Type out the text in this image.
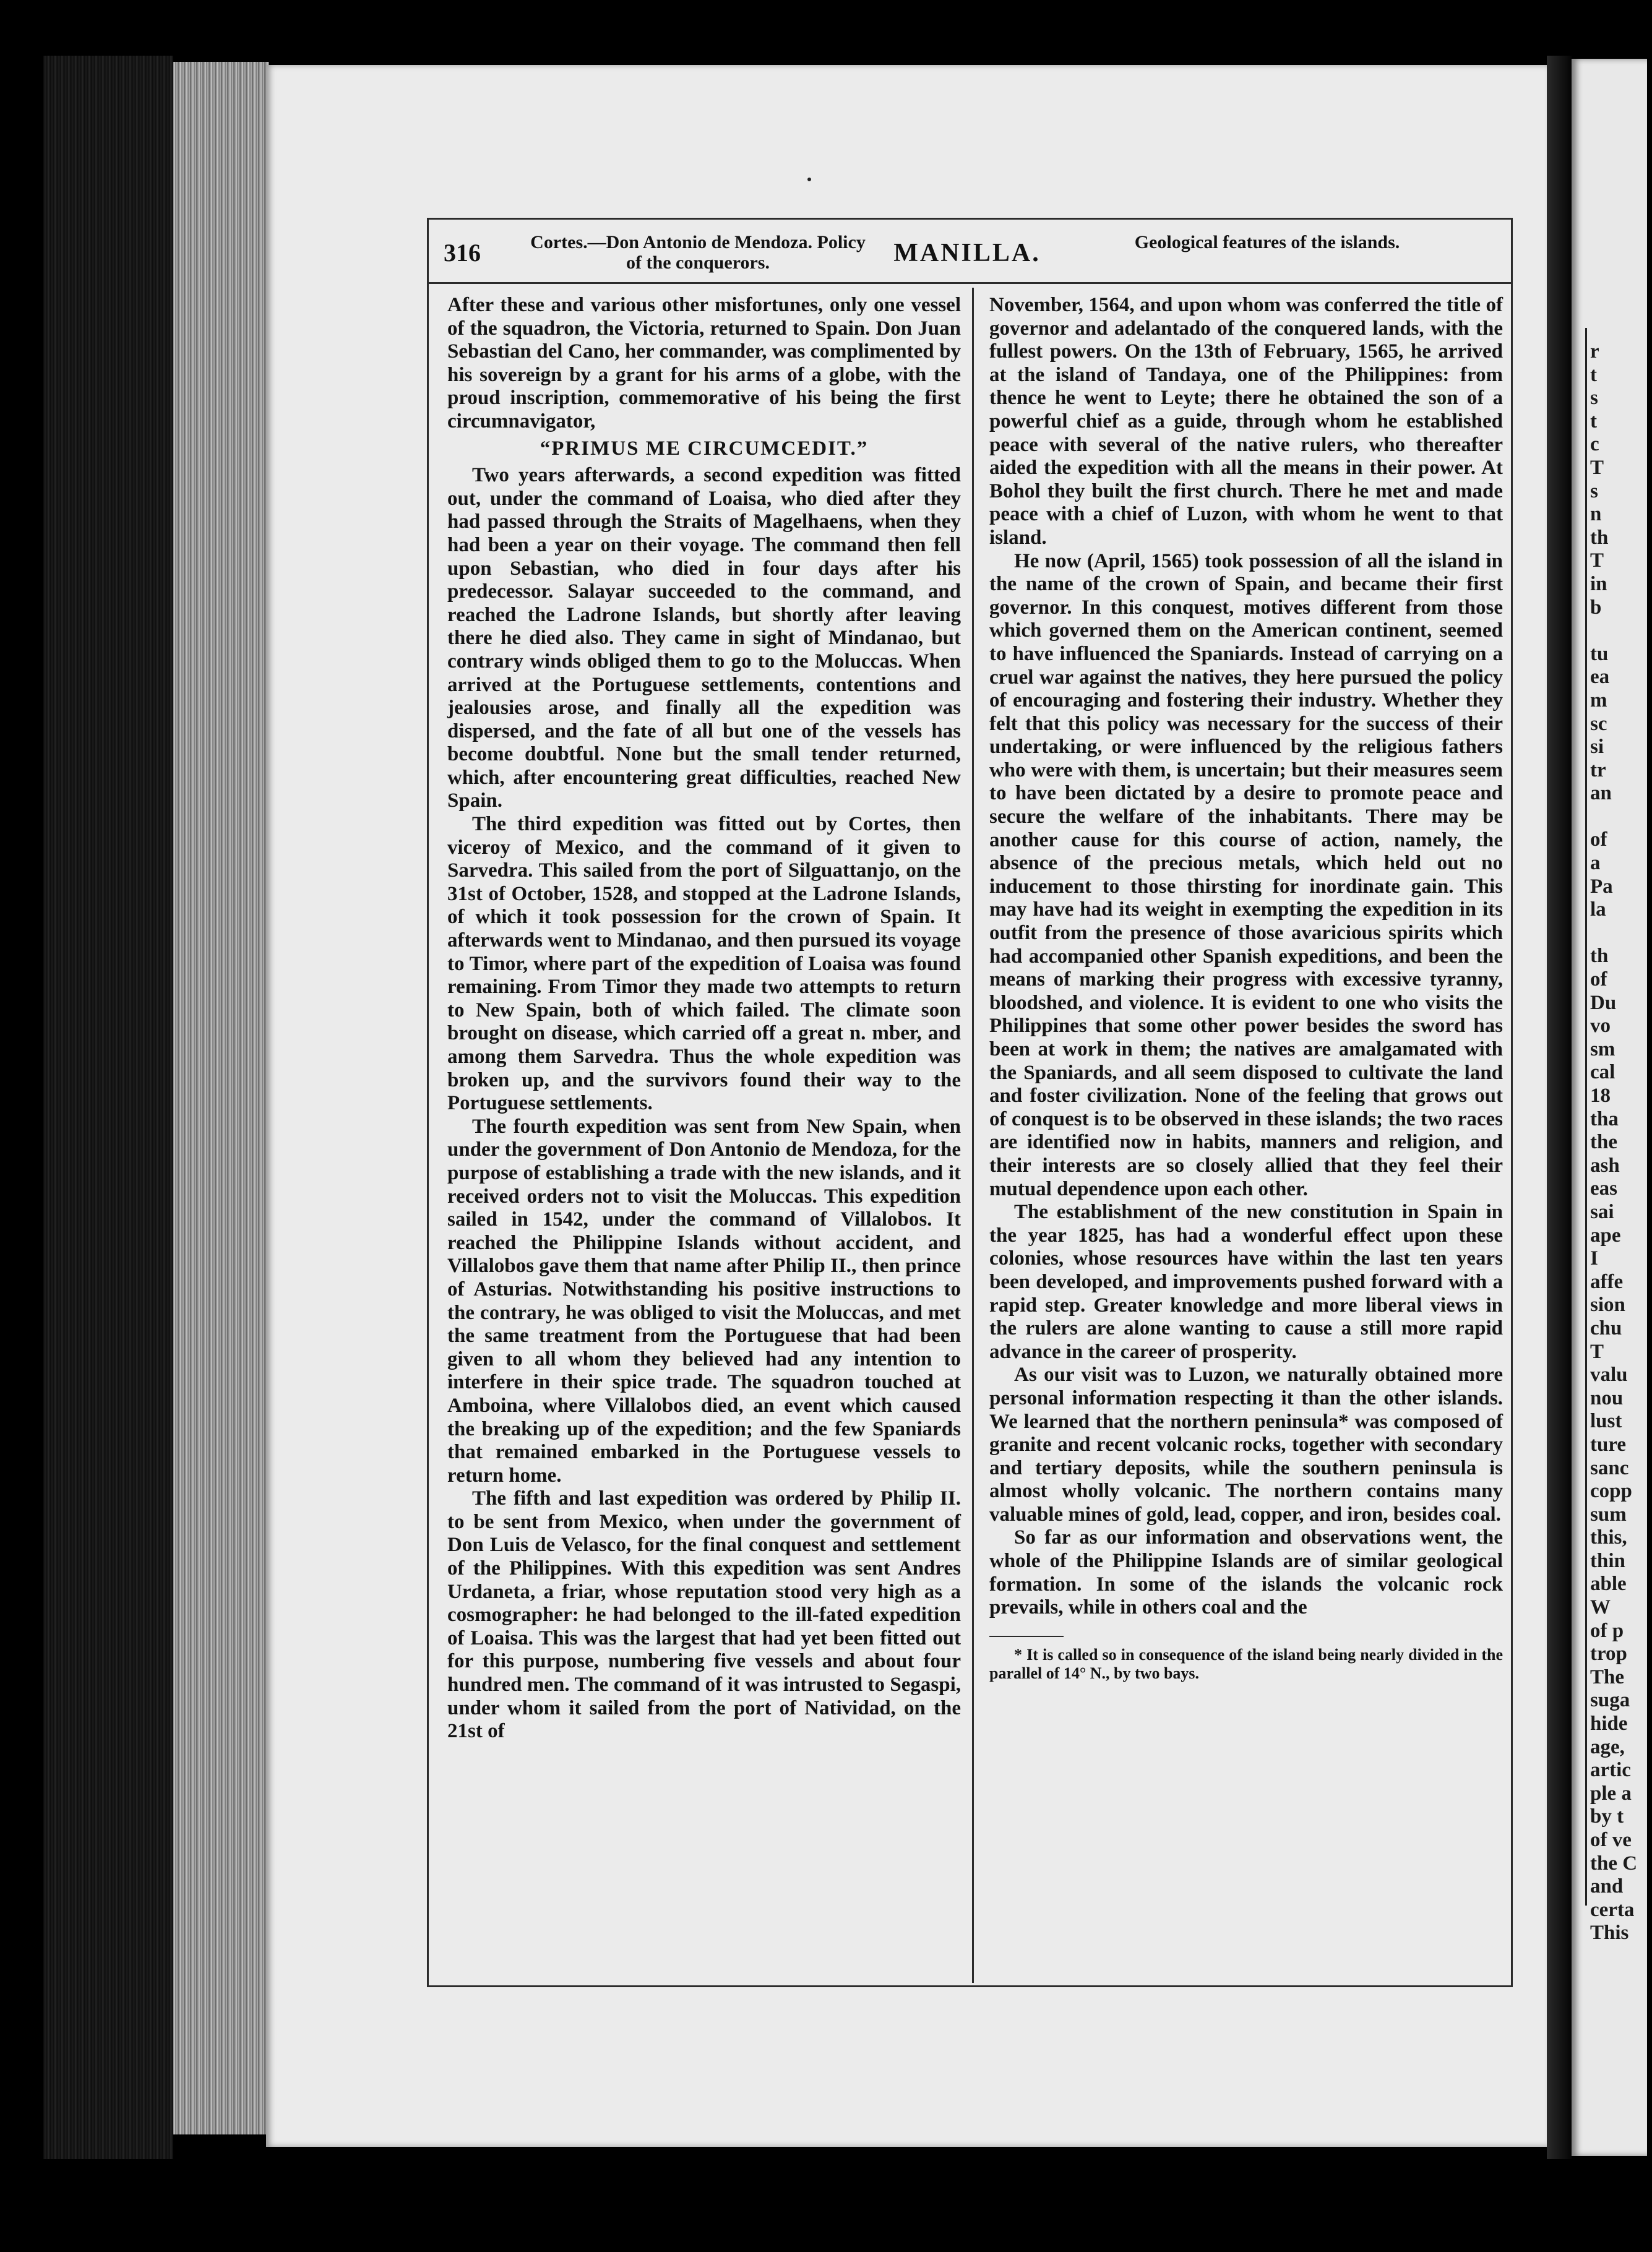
r
t
s
t
c
T
s
n
th
T
in
b

tu
ea
m
sc
si
tr
an

of
a
Pa
la

th
of
Du
vo
sm
cal
18
tha
the
ash
eas
sai
ape
I
affe
sion
chu
T
valu
nou
lust
ture
sanc
copp
sum
this,
thin
able
W
of p
trop
The
suga
hide
age,
artic
ple a
by t
of ve
the C
and
certa
This
316	Cortes.—Don Antonio de Mendoza. Policy of the conquerors.	MANILLA.	Geological features of the islands.

After these and various other misfortunes, only one vessel of the squadron, the Victoria, returned to Spain. Don Juan Sebastian del Cano, her commander, was complimented by his sovereign by a grant for his arms of a globe, with the proud inscription, commemorative of his being the first circumnavigator,

“PRIMUS ME CIRCUMCEDIT.”

Two years afterwards, a second expedition was fitted out, under the command of Loaisa, who died after they had passed through the Straits of Magelhaens, when they had been a year on their voyage. The command then fell upon Sebastian, who died in four days after his predecessor. Salayar succeeded to the command, and reached the Ladrone Islands, but shortly after leaving there he died also. They came in sight of Mindanao, but contrary winds obliged them to go to the Moluccas. When arrived at the Portuguese settlements, contentions and jealousies arose, and finally all the expedition was dispersed, and the fate of all but one of the vessels has become doubtful. None but the small tender returned, which, after encountering great difficulties, reached New Spain.

The third expedition was fitted out by Cortes, then viceroy of Mexico, and the command of it given to Sarvedra. This sailed from the port of Silguattanjo, on the 31st of October, 1528, and stopped at the Ladrone Islands, of which it took possession for the crown of Spain. It afterwards went to Mindanao, and then pursued its voyage to Timor, where part of the expedition of Loaisa was found remaining. From Timor they made two attempts to return to New Spain, both of which failed. The climate soon brought on disease, which carried off a great n. mber, and among them Sarvedra. Thus the whole expedition was broken up, and the survivors found their way to the Portuguese settlements.

The fourth expedition was sent from New Spain, when under the government of Don Antonio de Mendoza, for the purpose of establishing a trade with the new islands, and it received orders not to visit the Moluccas. This expedition sailed in 1542, under the command of Villalobos. It reached the Philippine Islands without accident, and Villalobos gave them that name after Philip II., then prince of Asturias. Notwithstanding his positive instructions to the contrary, he was obliged to visit the Moluccas, and met the same treatment from the Portuguese that had been given to all whom they believed had any intention to interfere in their spice trade. The squadron touched at Amboina, where Villalobos died, an event which caused the breaking up of the expedition; and the few Spaniards that remained embarked in the Portuguese vessels to return home.

The fifth and last expedition was ordered by Philip II. to be sent from Mexico, when under the government of Don Luis de Velasco, for the final conquest and settlement of the Philippines. With this expedition was sent Andres Urdaneta, a friar, whose reputation stood very high as a cosmographer: he had belonged to the ill-fated expedition of Loaisa. This was the largest that had yet been fitted out for this purpose, numbering five vessels and about four hundred men. The command of it was intrusted to Segaspi, under whom it sailed from the port of Natividad, on the 21st of

November, 1564, and upon whom was conferred the title of governor and adelantado of the conquered lands, with the fullest powers. On the 13th of February, 1565, he arrived at the island of Tandaya, one of the Philippines: from thence he went to Leyte; there he obtained the son of a powerful chief as a guide, through whom he established peace with several of the native rulers, who thereafter aided the expedition with all the means in their power. At Bohol they built the first church. There he met and made peace with a chief of Luzon, with whom he went to that island.

He now (April, 1565) took possession of all the island in the name of the crown of Spain, and became their first governor. In this conquest, motives different from those which governed them on the American continent, seemed to have influenced the Spaniards. Instead of carrying on a cruel war against the natives, they here pursued the policy of encouraging and fostering their industry. Whether they felt that this policy was necessary for the success of their undertaking, or were influenced by the religious fathers who were with them, is uncertain; but their measures seem to have been dictated by a desire to promote peace and secure the welfare of the inhabitants. There may be another cause for this course of action, namely, the absence of the precious metals, which held out no inducement to those thirsting for inordinate gain. This may have had its weight in exempting the expedition in its outfit from the presence of those avaricious spirits which had accompanied other Spanish expeditions, and been the means of marking their progress with excessive tyranny, bloodshed, and violence. It is evident to one who visits the Philippines that some other power besides the sword has been at work in them; the natives are amalgamated with the Spaniards, and all seem disposed to cultivate the land and foster civilization. None of the feeling that grows out of conquest is to be observed in these islands; the two races are identified now in habits, manners and religion, and their interests are so closely allied that they feel their mutual dependence upon each other.

The establishment of the new constitution in Spain in the year 1825, has had a wonderful effect upon these colonies, whose resources have within the last ten years been developed, and improvements pushed forward with a rapid step. Greater knowledge and more liberal views in the rulers are alone wanting to cause a still more rapid advance in the career of prosperity.

As our visit was to Luzon, we naturally obtained more personal information respecting it than the other islands. We learned that the northern peninsula* was composed of granite and recent volcanic rocks, together with secondary and tertiary deposits, while the southern peninsula is almost wholly volcanic. The northern contains many valuable mines of gold, lead, copper, and iron, besides coal.

So far as our information and observations went, the whole of the Philippine Islands are of similar geological formation. In some of the islands the volcanic rock prevails, while in others coal and the

* It is called so in consequence of the island being nearly divided in the parallel of 14° N., by two bays.
